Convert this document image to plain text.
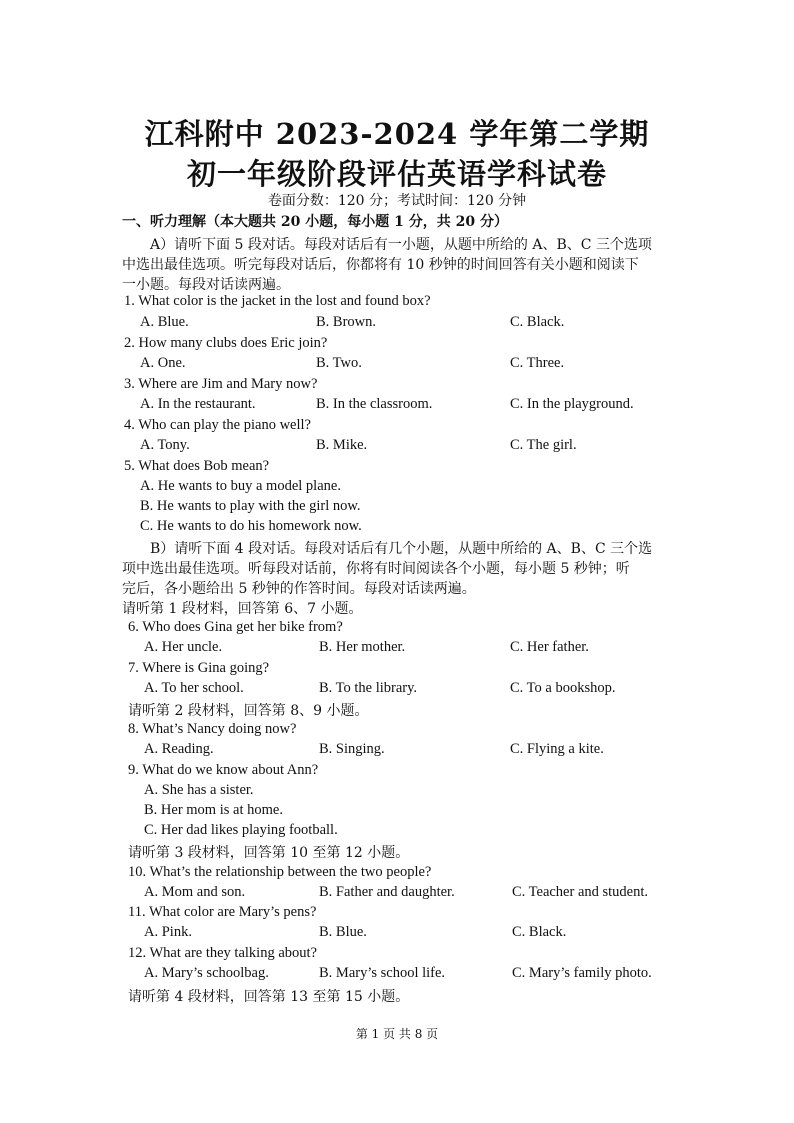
江科附中 2023-2024 学年第二学期
初一年级阶段评估英语学科试卷
卷面分数：120 分；考试时间：120 分钟
一、听力理解（本大题共 20 小题，每小题 1 分，共 20 分）
A）请听下面 5 段对话。每段对话后有一小题，从题中所给的 A、B、C 三个选项
中选出最佳选项。听完每段对话后，你都将有 10 秒钟的时间回答有关小题和阅读下
一小题。每段对话读两遍。
1. What color is the jacket in the lost and found box?
A. Blue.	B. Brown.	C. Black.
2. How many clubs does Eric join?
A. One.	B. Two.	C. Three.
3. Where are Jim and Mary now?
A. In the restaurant.	B. In the classroom.	C. In the playground.
4. Who can play the piano well?
A. Tony.	B. Mike.	C. The girl.
5. What does Bob mean?
A. He wants to buy a model plane.
B. He wants to play with the girl now.
C. He wants to do his homework now.
B）请听下面 4 段对话。每段对话后有几个小题，从题中所给的 A、B、C 三个选
项中选出最佳选项。听每段对话前，你将有时间阅读各个小题，每小题 5 秒钟；听
完后，各小题给出 5 秒钟的作答时间。每段对话读两遍。
请听第 1 段材料，回答第 6、7 小题。
6. Who does Gina get her bike from?
A. Her uncle.	B. Her mother.	C. Her father.
7. Where is Gina going?
A. To her school.	B. To the library.	C. To a bookshop.
请听第 2 段材料，回答第 8、9 小题。
8. What’s Nancy doing now?
A. Reading.	B. Singing.	C. Flying a kite.
9. What do we know about Ann?
A. She has a sister.
B. Her mom is at home.
C. Her dad likes playing football.
请听第 3 段材料，回答第 10 至第 12 小题。
10. What’s the relationship between the two people?
A. Mom and son.	B. Father and daughter.	C. Teacher and student.
11. What color are Mary’s pens?
A. Pink.	B. Blue.	C. Black.
12. What are they talking about?
A. Mary’s schoolbag.	B. Mary’s school life.	C. Mary’s family photo.
请听第 4 段材料，回答第 13 至第 15 小题。
第 1 页 共 8 页
